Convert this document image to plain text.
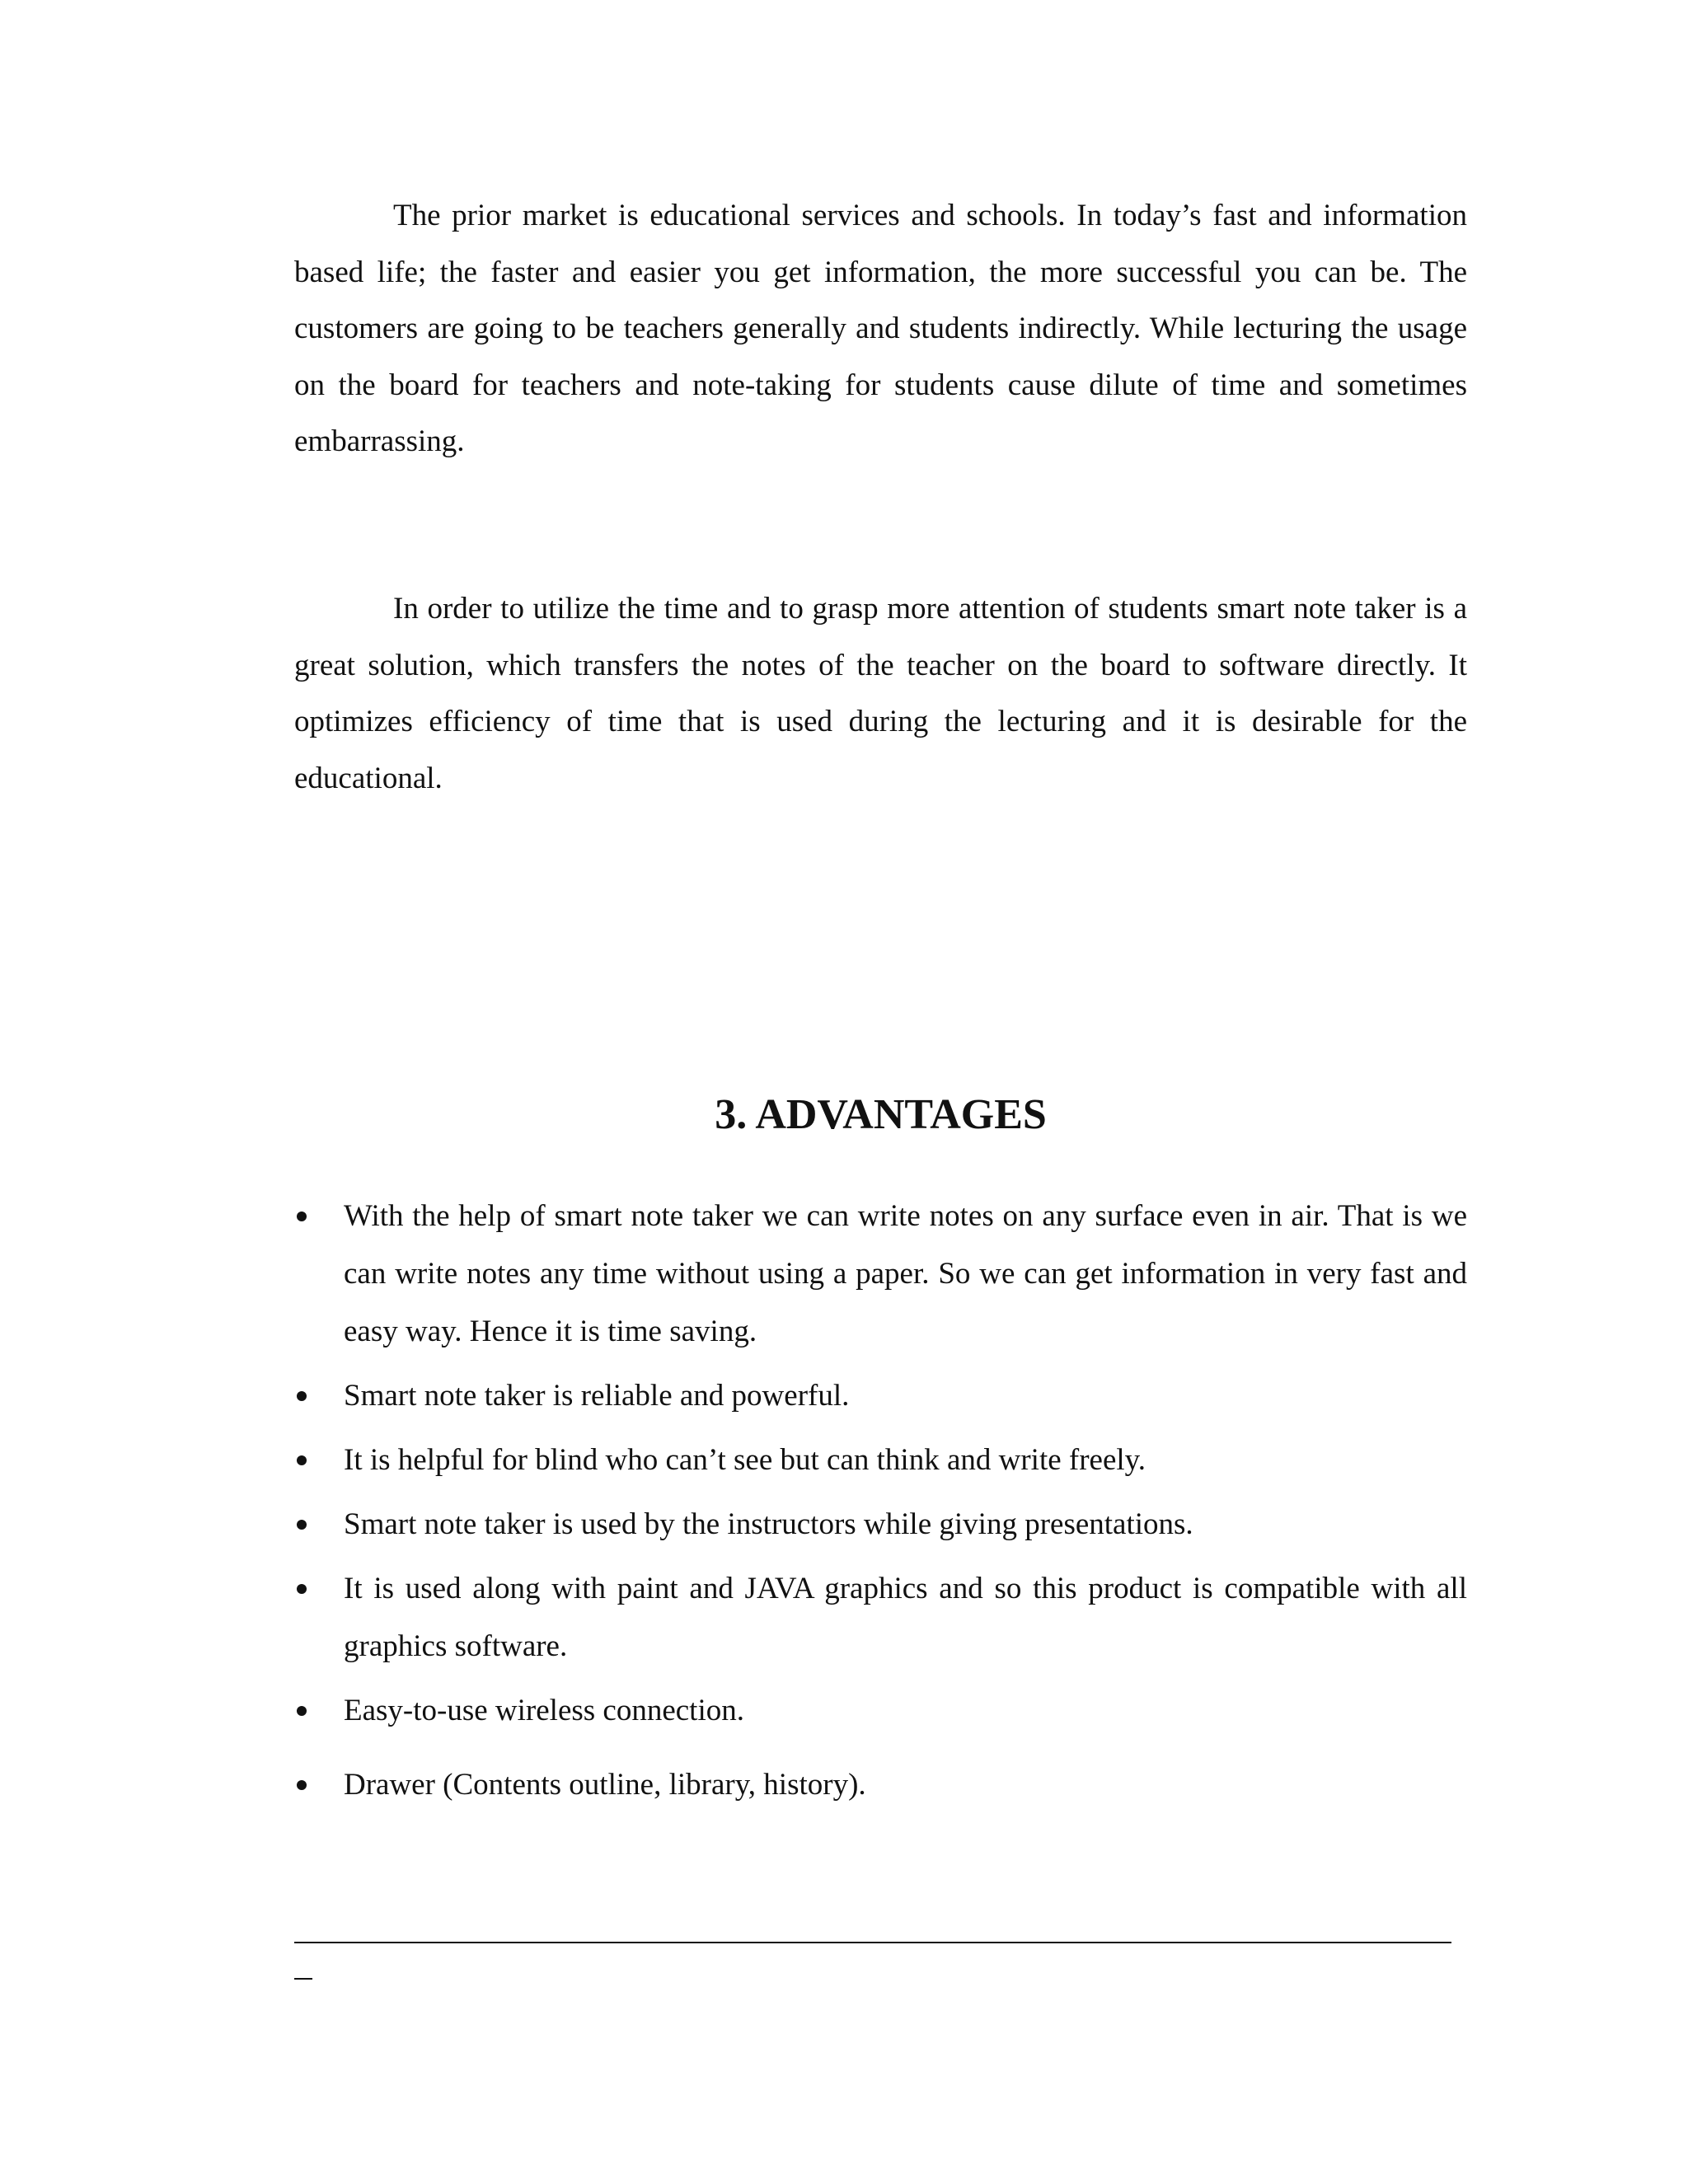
The prior market is educational services and schools. In today’s fast and information based life; the faster and easier you get information, the more successful you can be. The customers are going to be teachers generally and students indirectly. While lecturing the usage on the board for teachers and note-taking for students cause dilute of time and sometimes embarrassing.

In order to utilize the time and to grasp more attention of students smart note taker is a great solution, which transfers the notes of the teacher on the board to software directly. It optimizes efficiency of time that is used during the lecturing and it is desirable for the educational.

3. ADVANTAGES
With the help of smart note taker we can write notes on any surface even in air. That is we can write notes any time without using a paper. So we can get information in very fast and easy way. Hence it is time saving.
Smart note taker is reliable and powerful.
It is helpful for blind who can’t see but can think and write freely.
Smart note taker is used by the instructors while giving presentations.
It is used along with paint and JAVA graphics and so this product is compatible with all graphics software.
Easy-to-use wireless connection.
Drawer (Contents outline, library, history).
